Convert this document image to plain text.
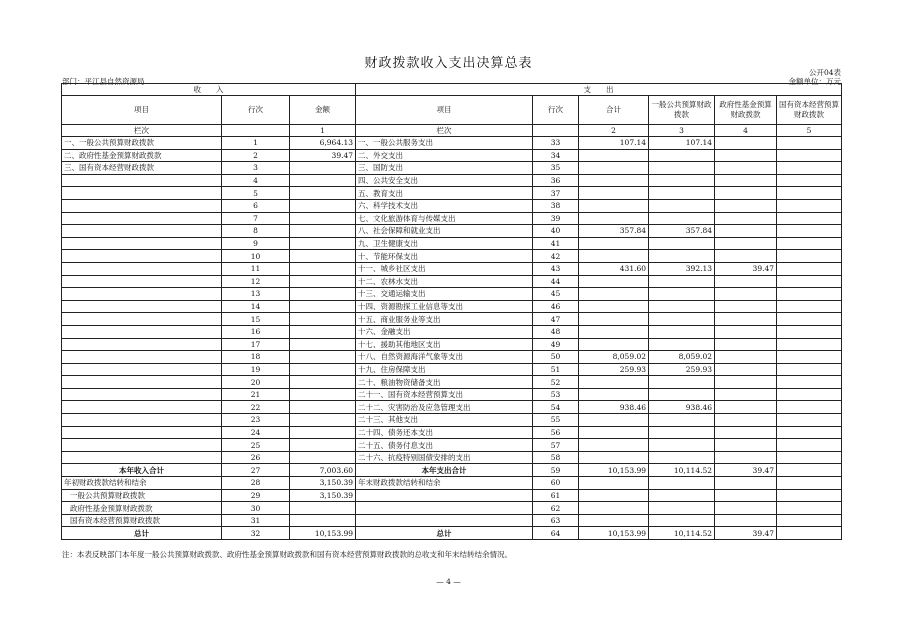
财政拨款收入支出决算总表
公开04表
部门：平江县自然资源局	金额单位：万元
收　　入			支　　出					
项目	行次	金额	项目	行次	合计	一般公共预算财政拨款	政府性基金预算财政拨款	国有资本经营预算财政拨款
栏次		1	栏次		2	3	4	5
一、一般公共预算财政拨款	1	6,964.13	一、一般公共服务支出	33	107.14	107.14		
二、政府性基金预算财政拨款	2	39.47	二、外交支出	34				
三、国有资本经营财政拨款	3		三、国防支出	35				
	4		四、公共安全支出	36				
	5		五、教育支出	37				
	6		六、科学技术支出	38				
	7		七、文化旅游体育与传媒支出	39				
	8		八、社会保障和就业支出	40	357.84	357.84		
	9		九、卫生健康支出	41				
	10		十、节能环保支出	42				
	11		十一、城乡社区支出	43	431.60	392.13	39.47	
	12		十二、农林水支出	44				
	13		十三、交通运输支出	45				
	14		十四、资源勘探工业信息等支出	46				
	15		十五、商业服务业等支出	47				
	16		十六、金融支出	48				
	17		十七、援助其他地区支出	49				
	18		十八、自然资源海洋气象等支出	50	8,059.02	8,059.02		
	19		十九、住房保障支出	51	259.93	259.93		
	20		二十、粮油物资储备支出	52				
	21		二十一、国有资本经营预算支出	53				
	22		二十二、灾害防治及应急管理支出	54	938.46	938.46		
	23		二十三、其他支出	55				
	24		二十四、债务还本支出	56				
	25		二十五、债务付息支出	57				
	26		二十六、抗疫特别国债安排的支出	58				
本年收入合计	27	7,003.60	本年支出合计	59	10,153.99	10,114.52	39.47	
年初财政拨款结转和结余	28	3,150.39	年末财政拨款结转和结余	60				
一般公共预算财政拨款	29	3,150.39		61				
政府性基金预算财政拨款	30			62				
国有资本经营预算财政拨款	31			63				
总计	32	10,153.99	总计	64	10,153.99	10,114.52	39.47	
注：本表反映部门本年度一般公共预算财政拨款、政府性基金预算财政拨款和国有资本经营预算财政拨款的总收支和年末结转结余情况。
— 4 —
